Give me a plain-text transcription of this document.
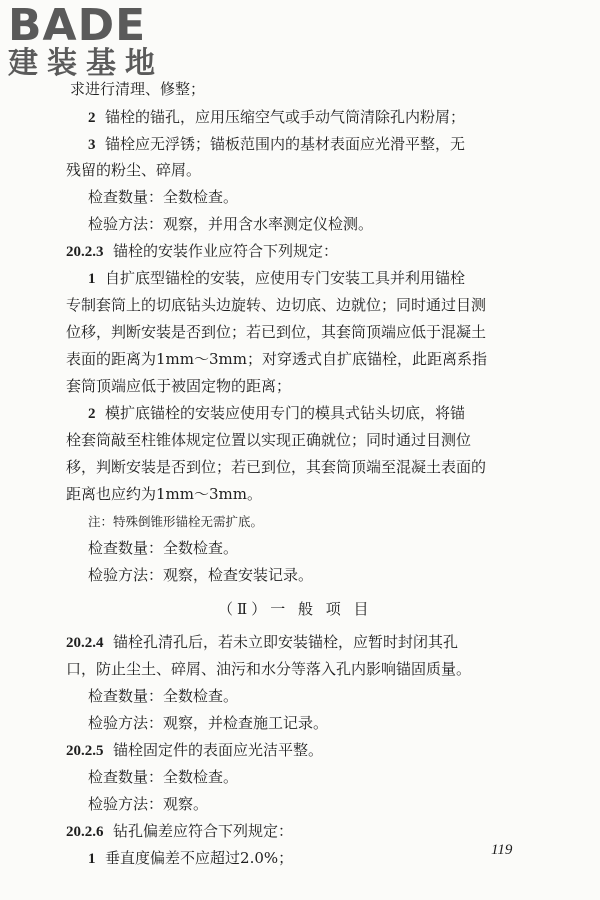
BADE
建装基地
求进行清理、修整；
2 锚栓的锚孔，应用压缩空气或手动气筒清除孔内粉屑；
3 锚栓应无浮锈；锚板范围内的基材表面应光滑平整，无
残留的粉尘、碎屑。
检查数量：全数检查。
检验方法：观察，并用含水率测定仪检测。
20.2.3 锚栓的安装作业应符合下列规定：
1 自扩底型锚栓的安装，应使用专门安装工具并利用锚栓
专制套筒上的切底钻头边旋转、边切底、边就位；同时通过目测
位移，判断安装是否到位；若已到位，其套筒顶端应低于混凝土
表面的距离为1mm～3mm；对穿透式自扩底锚栓，此距离系指
套筒顶端应低于被固定物的距离；
2 模扩底锚栓的安装应使用专门的模具式钻头切底，将锚
栓套筒敲至柱锥体规定位置以实现正确就位；同时通过目测位
移，判断安装是否到位；若已到位，其套筒顶端至混凝土表面的
距离也应约为1mm～3mm。
注：特殊倒锥形锚栓无需扩底。
检查数量：全数检查。
检验方法：观察，检查安装记录。
（Ⅱ）一 般 项 目
20.2.4 锚栓孔清孔后，若未立即安装锚栓，应暂时封闭其孔
口，防止尘土、碎屑、油污和水分等落入孔内影响锚固质量。
检查数量：全数检查。
检验方法：观察，并检查施工记录。
20.2.5 锚栓固定件的表面应光洁平整。
检查数量：全数检查。
检验方法：观察。
20.2.6 钻孔偏差应符合下列规定：
1 垂直度偏差不应超过2.0%；	119
